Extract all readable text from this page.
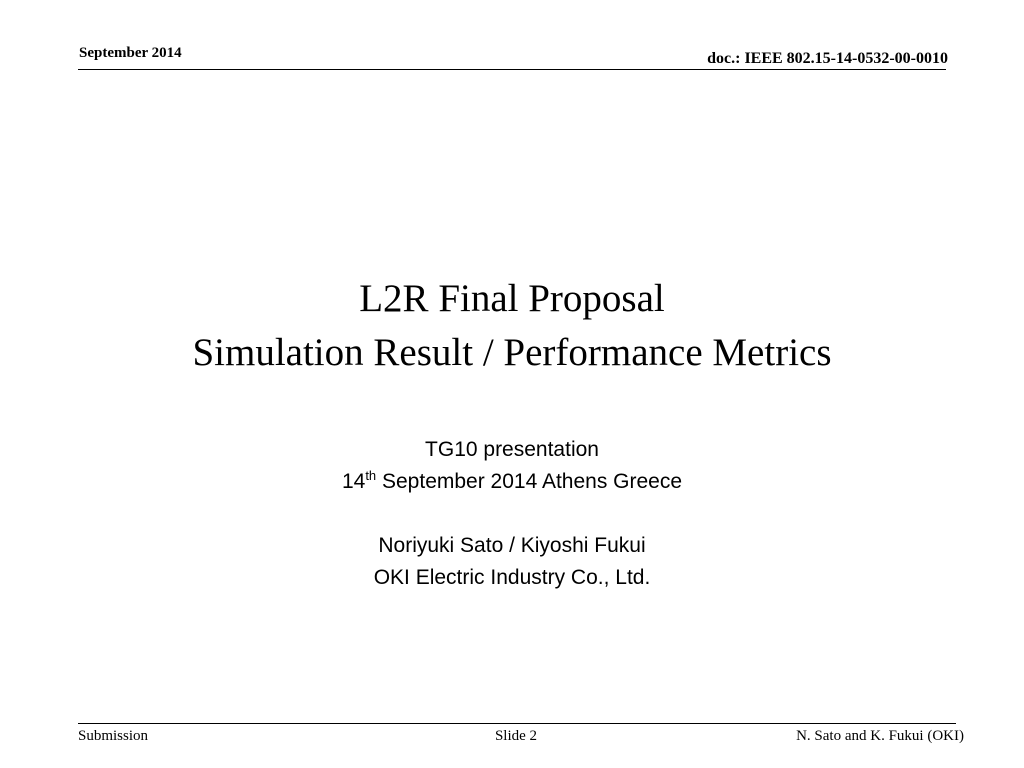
September 2014	doc.: IEEE 802.15-14-0532-00-0010
L2R Final Proposal
Simulation Result / Performance Metrics
TG10 presentation
14th September 2014 Athens Greece
Noriyuki Sato / Kiyoshi Fukui
OKI Electric Industry Co., Ltd.
Submission	Slide 2	N. Sato and K. Fukui (OKI)
